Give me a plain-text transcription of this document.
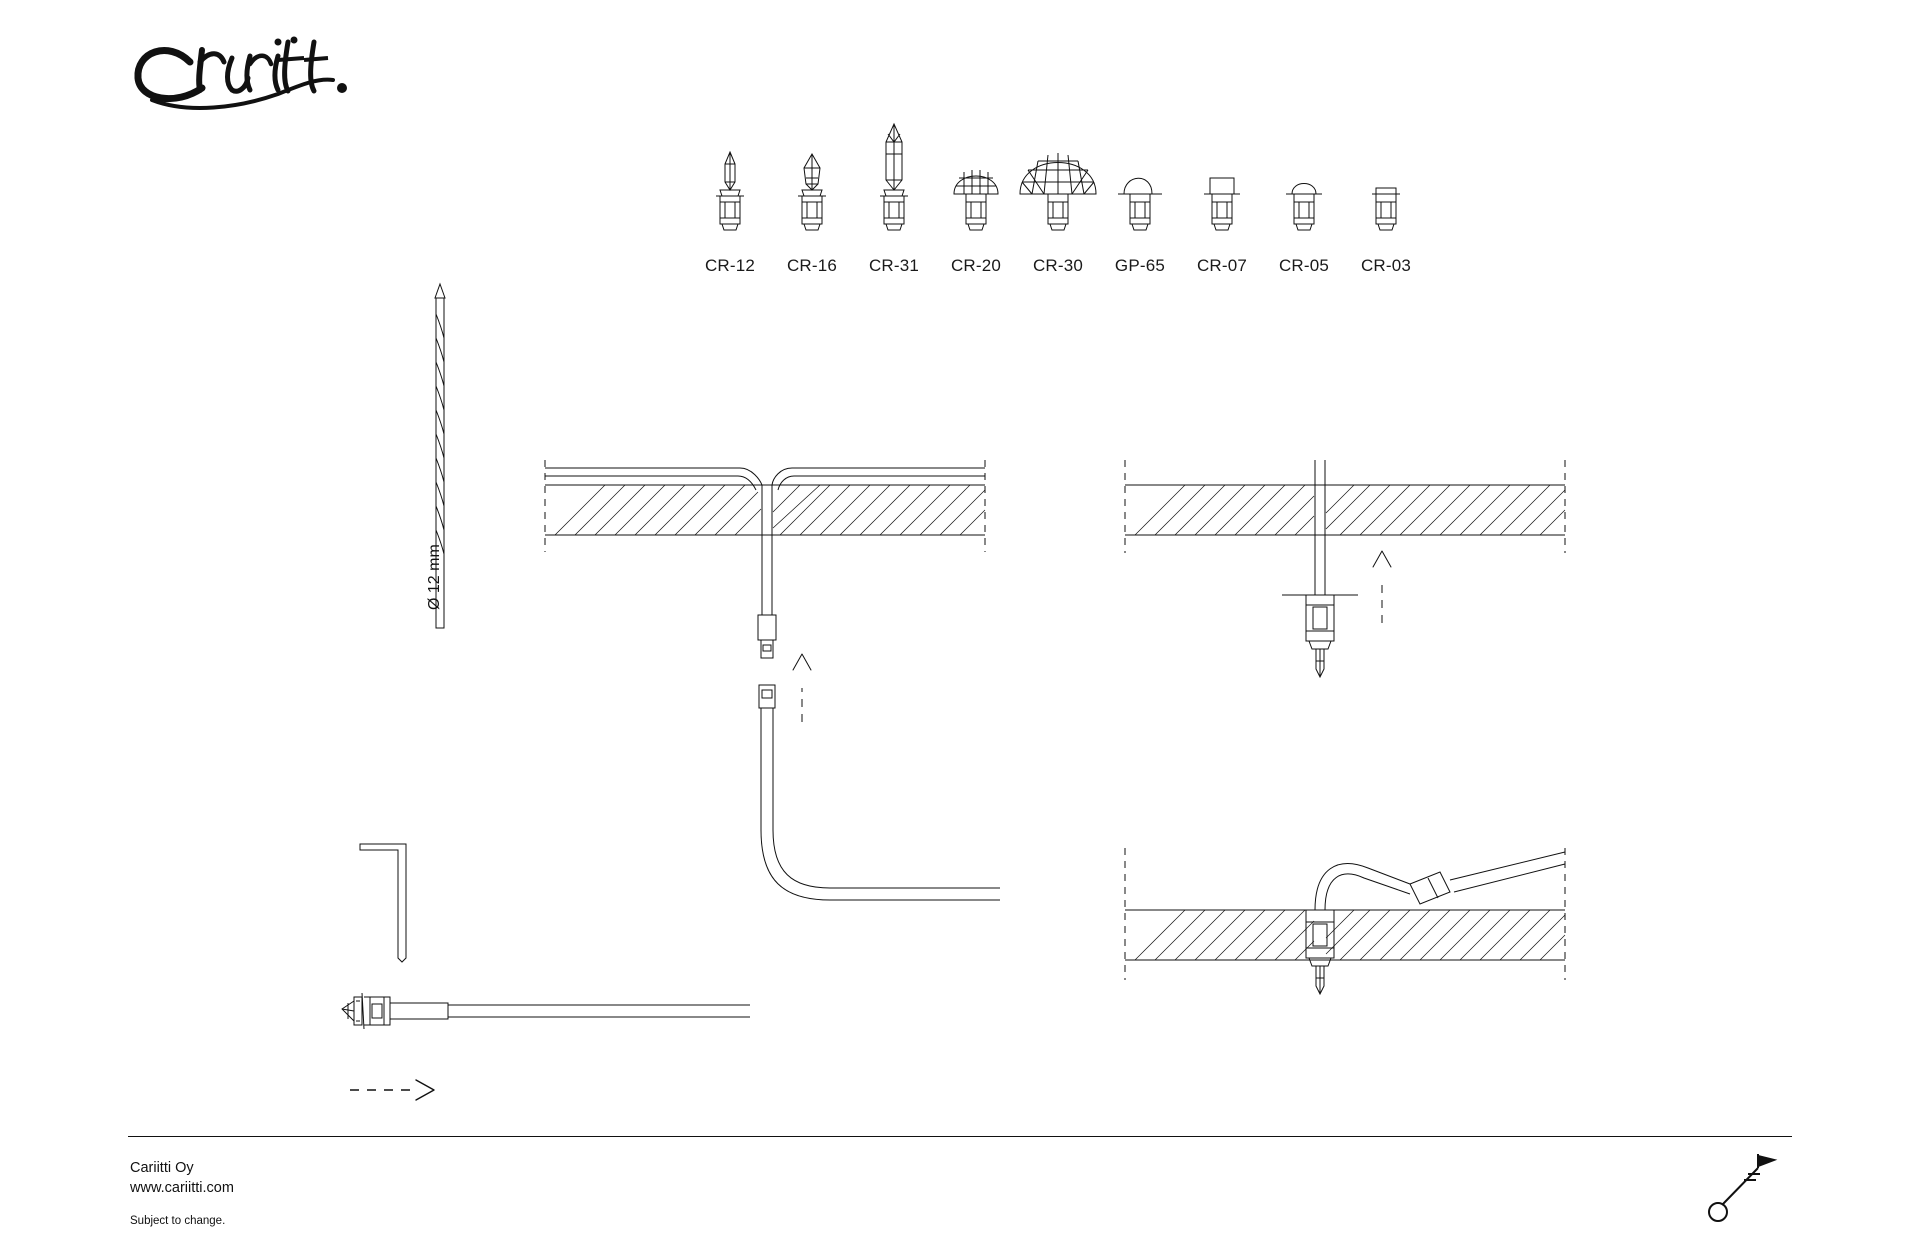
CR-12	CR-16	CR-31	CR-20	CR-30	GP-65	CR-07	CR-05	CR-03
Ø 12 mm
Cariitti Oy
www.cariitti.com
Subject to change.
